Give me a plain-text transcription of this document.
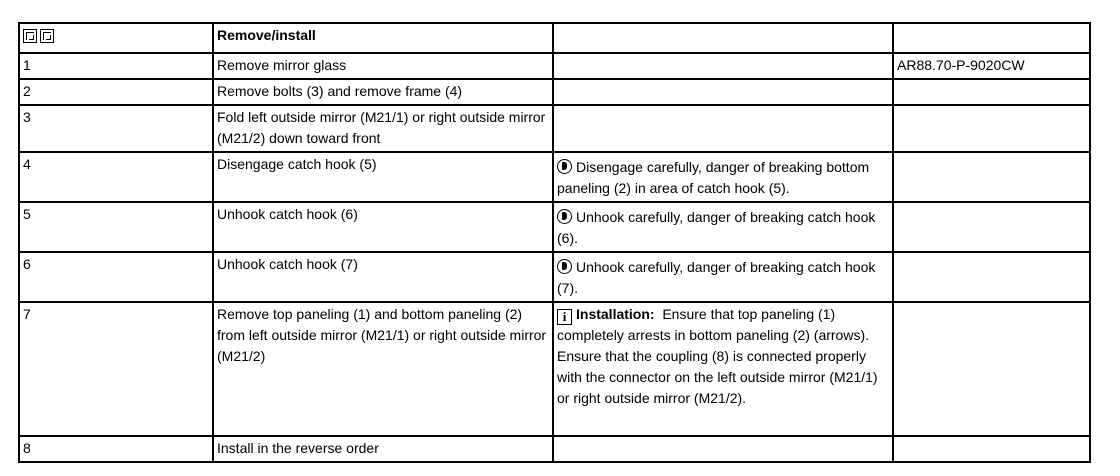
	Remove/install		
1	Remove mirror glass		AR88.70-P-9020CW
2	Remove bolts (3) and remove frame (4)		
3	Fold left outside mirror (M21/1) or right outside mirror (M21/2) down toward front		
4	Disengage catch hook (5)	Disengage carefully, danger of breaking bottom paneling (2) in area of catch hook (5).	
5	Unhook catch hook (6)	Unhook carefully, danger of breaking catch hook (6).	
6	Unhook catch hook (7)	Unhook carefully, danger of breaking catch hook (7).	
7	Remove top paneling (1) and bottom paneling (2) from left outside mirror (M21/1) or right outside mirror (M21/2)	i Installation: Ensure that top paneling (1) completely arrests in bottom paneling (2) (arrows). Ensure that the coupling (8) is connected properly with the connector on the left outside mirror (M21/1) or right outside mirror (M21/2).	
8	Install in the reverse order		
